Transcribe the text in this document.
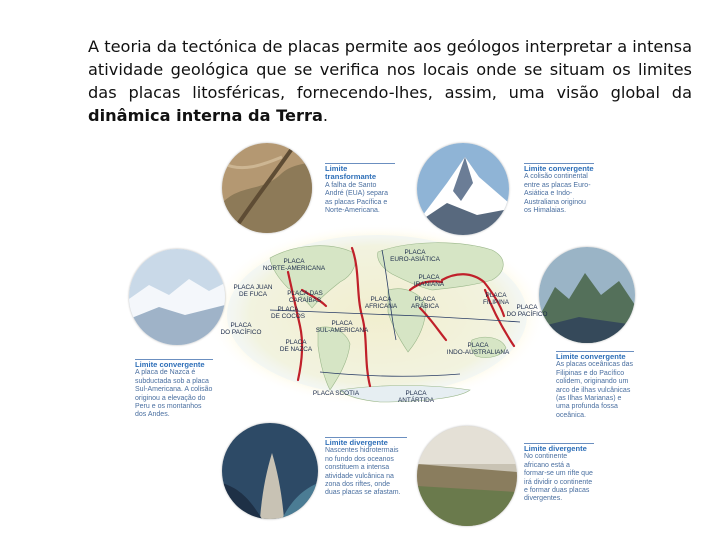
A teoria da tectónica de placas permite aos geólogos interpretar a intensa atividade geológica que se verifica nos locais onde se situam os limites das placas litosféricas, fornecendo-lhes, assim, uma visão global da dinâmica interna da Terra.

Limite transformante
A falha de Santo André (EUA) separa as placas Pacífica e Norte-Americana.
Limite convergente
A colisão continental entre as placas Euro-Asiática e Indo-Australiana originou os Himalaias.
Limite convergente
A placa de Nazca é subductada sob a placa Sul-Americana. A colisão originou a elevação do Peru e os montanhos dos Andes.
Limite convergente
As placas oceânicas das Filipinas e do Pacífico colidem, originando um arco de ilhas vulcânicas (as Ilhas Marianas) e uma profunda fossa oceânica.
Limite divergente
Nascentes hidrotermais no fundo dos oceanos constituem a intensa atividade vulcânica na zona dos riftes, onde duas placas se afastam.
Limite divergente
No continente africano está a formar-se um rifte que irá dividir o continente e formar duas placas divergentes.
PLACA
NORTE-AMERICANA
PLACA
EURO-ASIÁTICA
PLACA
IRANIANA
PLACA JUAN
DE FUCA	PLACA DAS
CARAÍBAS
PLACA
DE COCOS
PLACA
AFRICANA
PLACA
ARÁBICA
PLACA
FILIPINA
PLACA
DO PACÍFICO
PLACA
DO PACÍFICO
PLACA
SUL-AMERICANA
PLACA
DE NAZCA
PLACA
INDO-AUSTRALIANA
PLACA SCOTIA	PLACA
ANTÁRTIDA
